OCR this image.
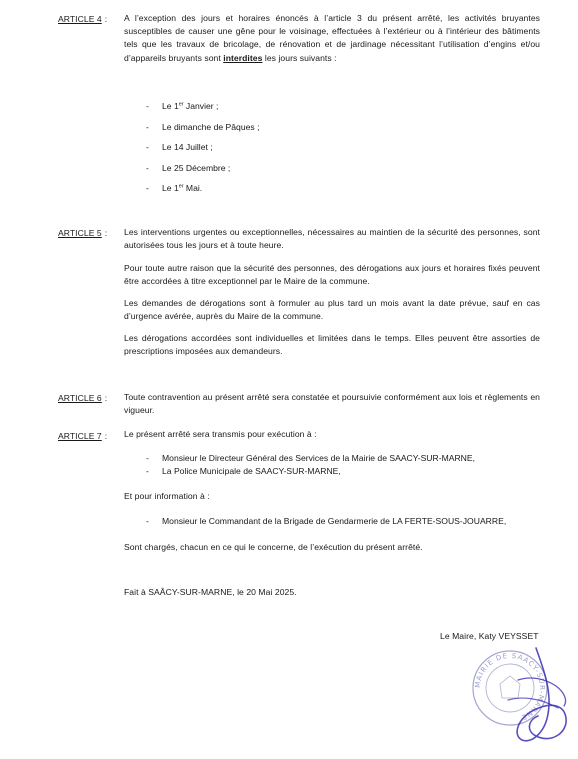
ARTICLE 4 : A l’exception des jours et horaires énoncés à l’article 3 du présent arrêté, les activités bruyantes susceptibles de causer une gêne pour le voisinage, effectuées à l’extérieur ou à l’intérieur des bâtiments tels que les travaux de bricolage, de rénovation et de jardinage nécessitant l’utilisation d’engins et/ou d’appareils bruyants sont interdites les jours suivants :
- Le 1er Janvier ;
- Le dimanche de Pâques ;
- Le 14 Juillet ;
- Le 25 Décembre ;
- Le 1er Mai.
ARTICLE 5 : Les interventions urgentes ou exceptionnelles, nécessaires au maintien de la sécurité des personnes, sont autorisées tous les jours et à toute heure.
Pour toute autre raison que la sécurité des personnes, des dérogations aux jours et horaires fixés peuvent être accordées à titre exceptionnel par le Maire de la commune.
Les demandes de dérogations sont à formuler au plus tard un mois avant la date prévue, sauf en cas d’urgence avérée, auprès du Maire de la commune.
Les dérogations accordées sont individuelles et limitées dans le temps. Elles peuvent être assorties de prescriptions imposées aux demandeurs.
ARTICLE 6 : Toute contravention au présent arrêté sera constatée et poursuivie conformément aux lois et règlements en vigueur.
ARTICLE 7 : Le présent arrêté sera transmis pour exécution à :
- Monsieur le Directeur Général des Services de la Mairie de SAACY-SUR-MARNE,
- La Police Municipale de SAACY-SUR-MARNE,
Et pour information à :
- Monsieur le Commandant de la Brigade de Gendarmerie de LA FERTE-SOUS-JOUARRE,
Sont chargés, chacun en ce qui le concerne, de l’exécution du présent arrêté.
Fait à SAÂCY-SUR-MARNE, le 20 Mai 2025.
Le Maire, Katy VEYSSET
MAIRIE DE SAACY-SUR-MARNE
